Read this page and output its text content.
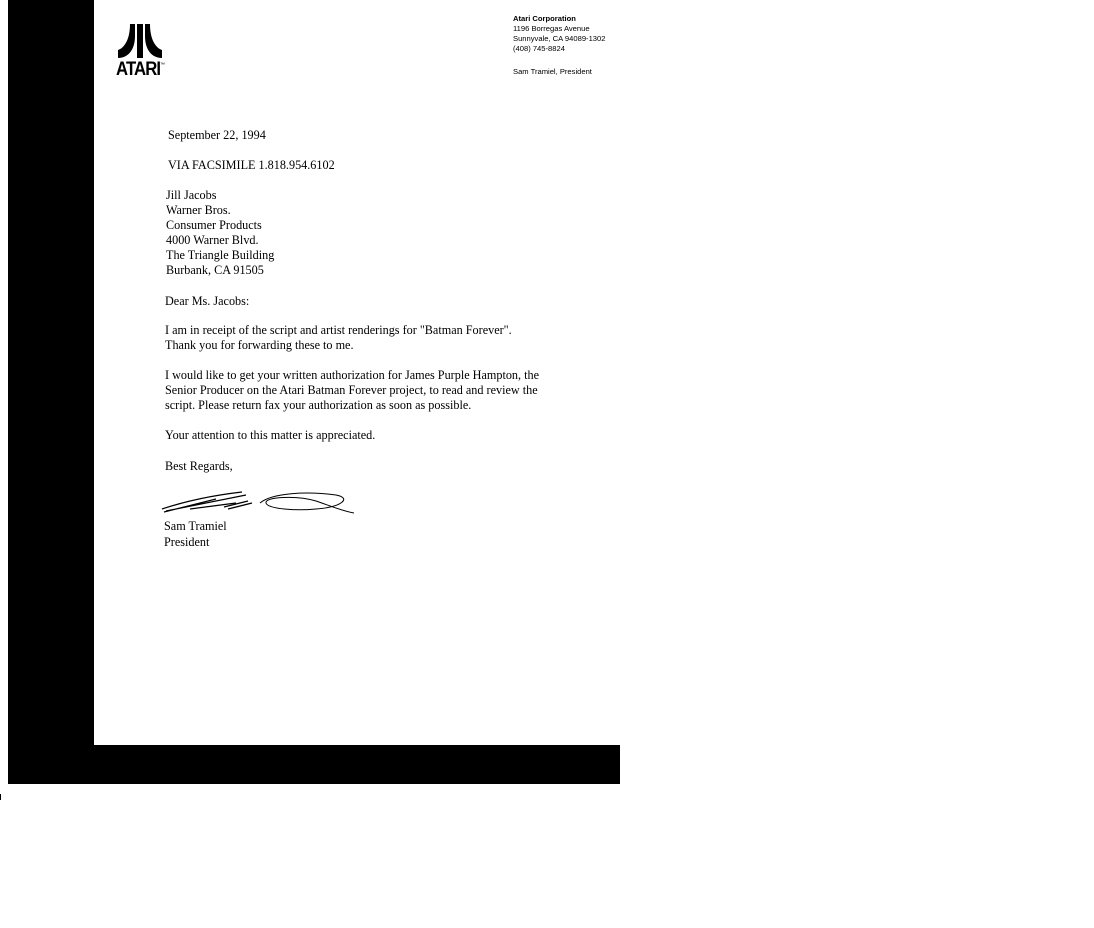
ATARI ™
Atari Corporation
1196 Borregas Avenue
Sunnyvale, CA 94089-1302
(408) 745-8824
Sam Tramiel, President
September 22, 1994
VIA FACSIMILE 1.818.954.6102
Jill Jacobs
Warner Bros.
Consumer Products
4000 Warner Blvd.
The Triangle Building
Burbank, CA 91505
Dear Ms. Jacobs:
I am in receipt of the script and artist renderings for "Batman Forever".
Thank you for forwarding these to me.
I would like to get your written authorization for James Purple Hampton, the
Senior Producer on the Atari Batman Forever project, to read and review the
script. Please return fax your authorization as soon as possible.
Your attention to this matter is appreciated.
Best Regards,
Sam Tramiel
President
